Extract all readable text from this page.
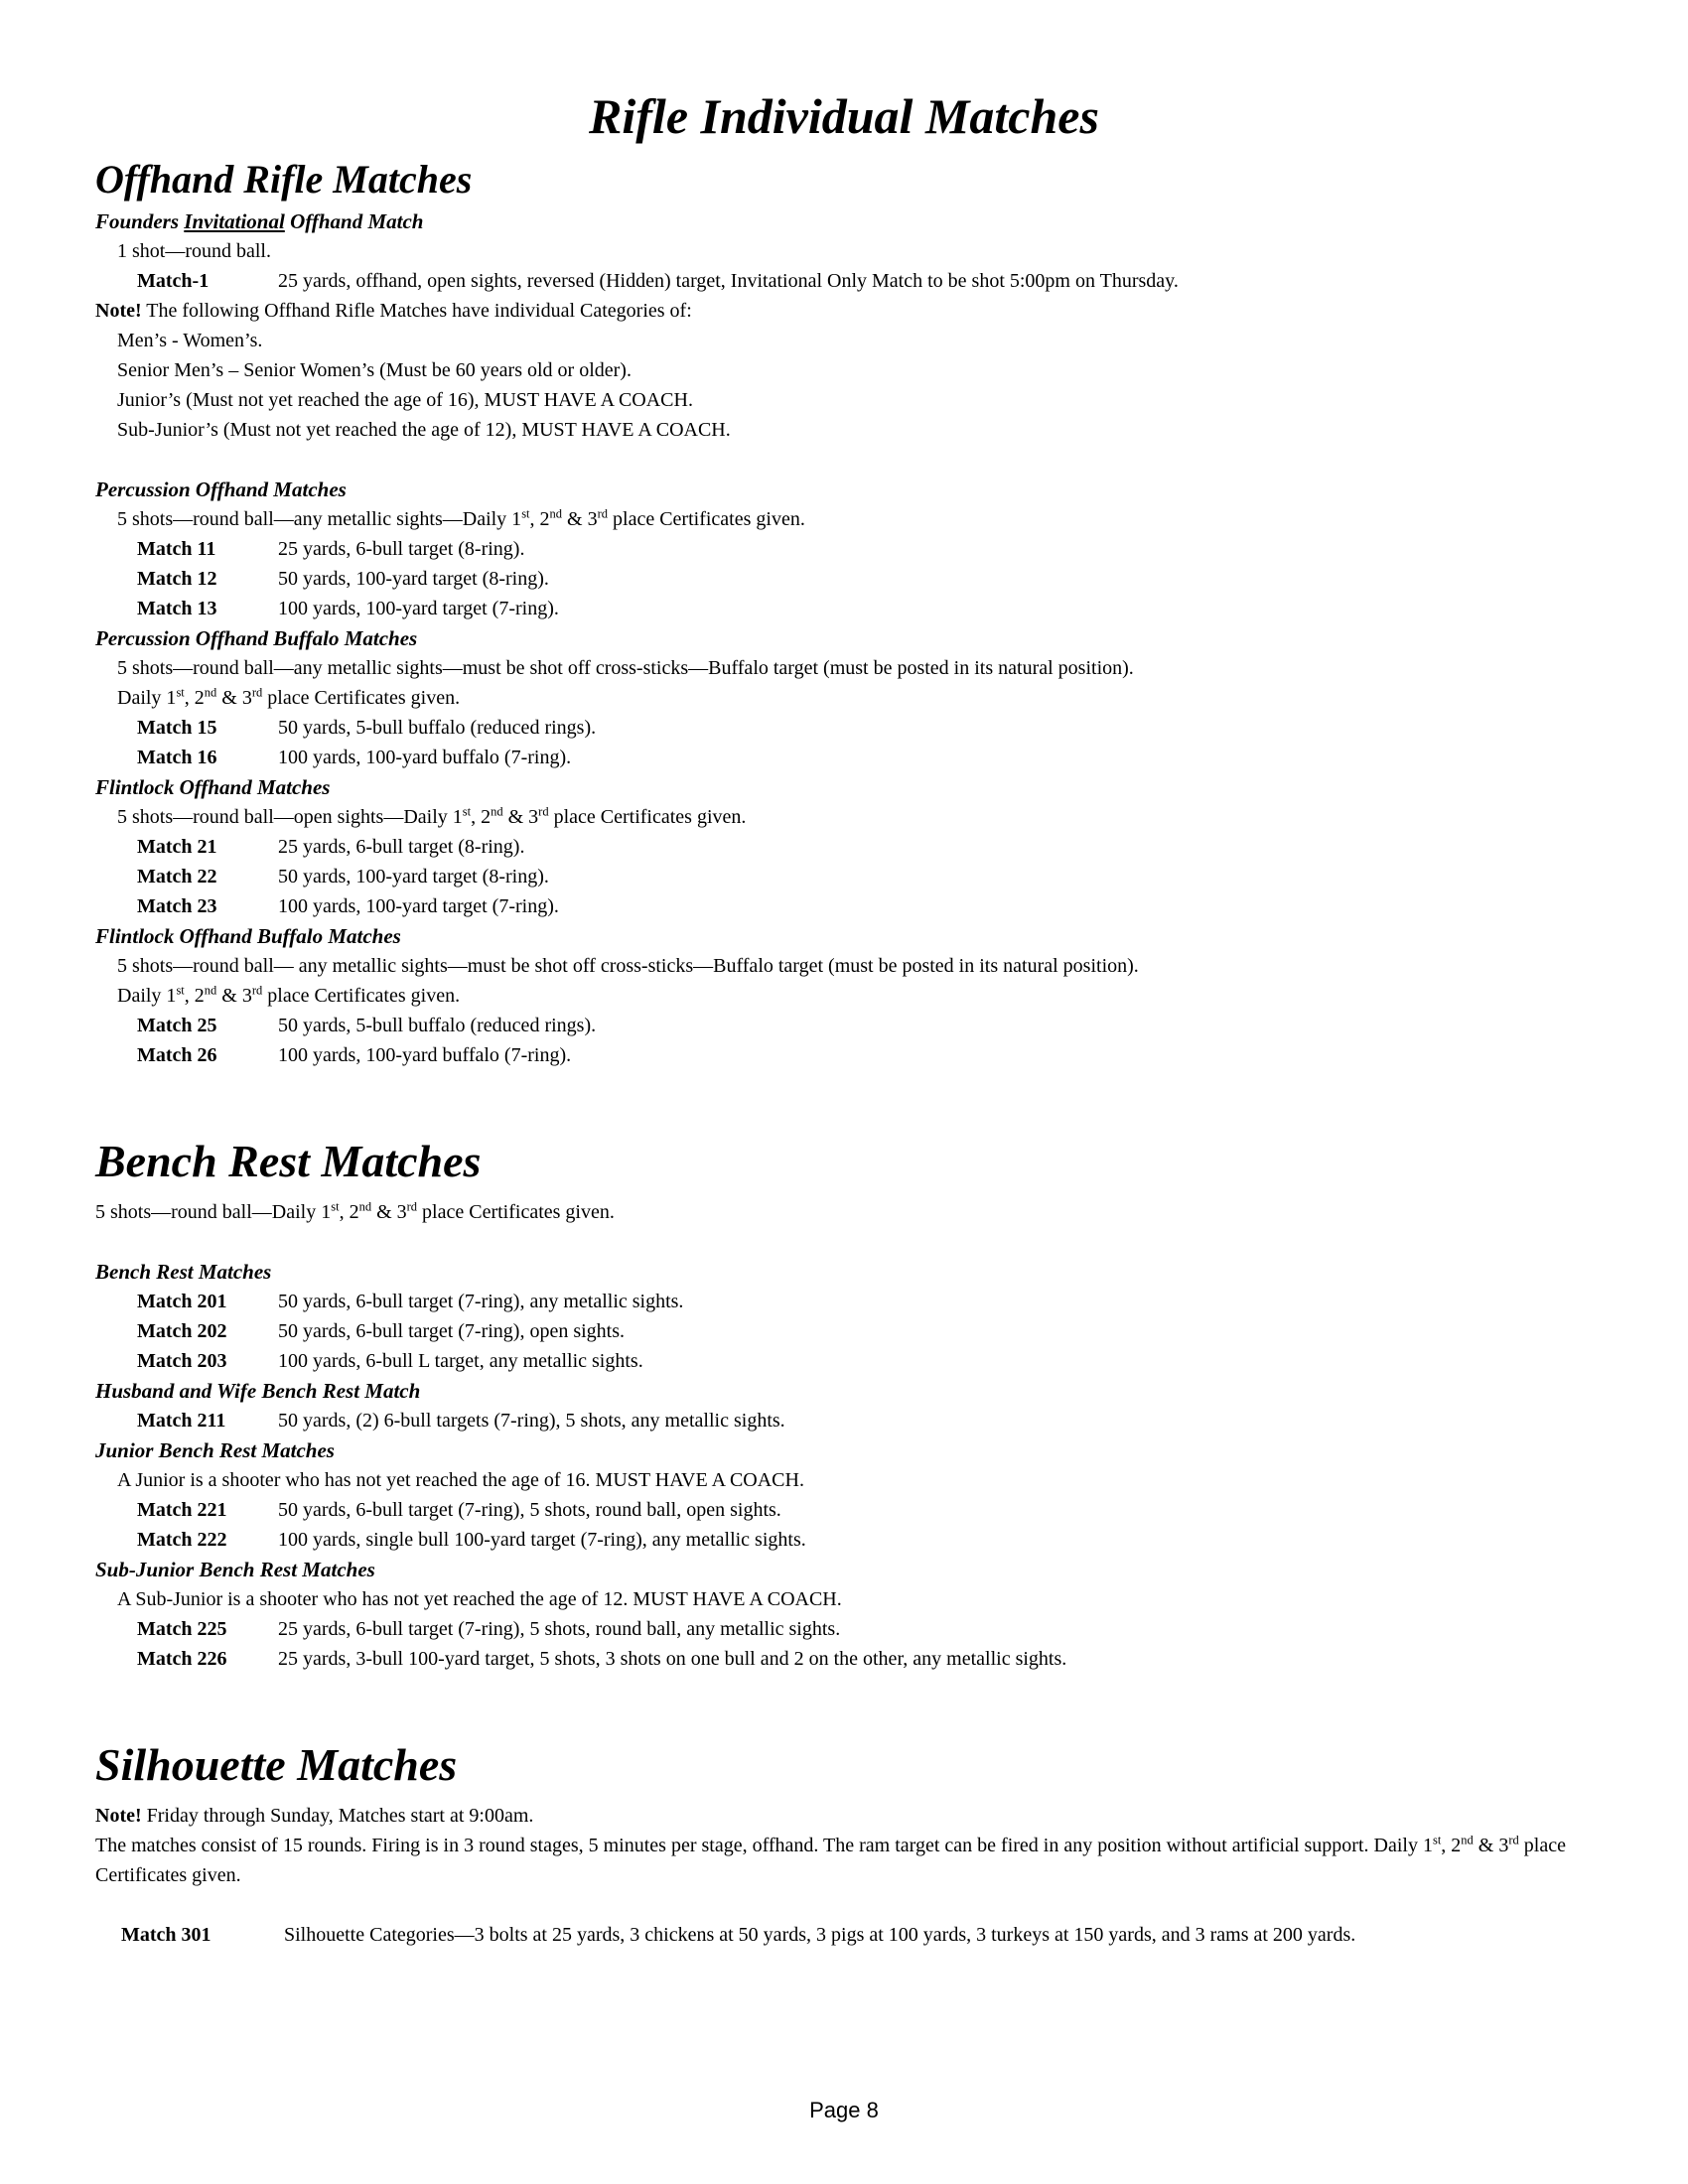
Rifle Individual Matches
Offhand Rifle Matches
Founders Invitational Offhand Match

1 shot—round ball.

Match-1	25 yards, offhand, open sights, reversed (Hidden) target, Invitational Only Match to be shot 5:00pm on Thursday.

Note! The following Offhand Rifle Matches have individual Categories of:

Men’s - Women’s.

Senior Men’s – Senior Women’s (Must be 60 years old or older).

Junior’s (Must not yet reached the age of 16), MUST HAVE A COACH.

Sub-Junior’s (Must not yet reached the age of 12), MUST HAVE A COACH.

Percussion Offhand Matches

5 shots—round ball—any metallic sights—Daily 1st, 2nd & 3rd place Certificates given.

Match 11	25 yards, 6-bull target (8-ring).
Match 12	50 yards, 100-yard target (8-ring).
Match 13	100 yards, 100-yard target (7-ring).
Percussion Offhand Buffalo Matches

5 shots—round ball—any metallic sights—must be shot off cross-sticks—Buffalo target (must be posted in its natural position).

Daily 1st, 2nd & 3rd place Certificates given.

Match 15	50 yards, 5-bull buffalo (reduced rings).
Match 16	100 yards, 100-yard buffalo (7-ring).
Flintlock Offhand Matches

5 shots—round ball—open sights—Daily 1st, 2nd & 3rd place Certificates given.

Match 21	25 yards, 6-bull target (8-ring).
Match 22	50 yards, 100-yard target (8-ring).
Match 23	100 yards, 100-yard target (7-ring).
Flintlock Offhand Buffalo Matches

5 shots—round ball— any metallic sights—must be shot off cross-sticks—Buffalo target (must be posted in its natural position).

Daily 1st, 2nd & 3rd place Certificates given.

Match 25	50 yards, 5-bull buffalo (reduced rings).
Match 26	100 yards, 100-yard buffalo (7-ring).
Bench Rest Matches

5 shots—round ball—Daily 1st, 2nd & 3rd place Certificates given.

Bench Rest Matches
Match 201	50 yards, 6-bull target (7-ring), any metallic sights.
Match 202	50 yards, 6-bull target (7-ring), open sights.
Match 203	100 yards, 6-bull L target, any metallic sights.
Husband and Wife Bench Rest Match
Match 211	50 yards, (2) 6-bull targets (7-ring), 5 shots, any metallic sights.
Junior Bench Rest Matches

A Junior is a shooter who has not yet reached the age of 16. MUST HAVE A COACH.

Match 221	50 yards, 6-bull target (7-ring), 5 shots, round ball, open sights.
Match 222	100 yards, single bull 100-yard target (7-ring), any metallic sights.
Sub-Junior Bench Rest Matches

A Sub-Junior is a shooter who has not yet reached the age of 12. MUST HAVE A COACH.

Match 225	25 yards, 6-bull target (7-ring), 5 shots, round ball, any metallic sights.
Match 226	25 yards, 3-bull 100-yard target, 5 shots, 3 shots on one bull and 2 on the other, any metallic sights.
Silhouette Matches

Note! Friday through Sunday, Matches start at 9:00am.

The matches consist of 15 rounds. Firing is in 3 round stages, 5 minutes per stage, offhand. The ram target can be fired in any position without artificial support. Daily 1st, 2nd & 3rd place Certificates given.

Match 301	Silhouette Categories—3 bolts at 25 yards, 3 chickens at 50 yards, 3 pigs at 100 yards, 3 turkeys at 150 yards, and 3 rams at 200 yards.
Page 8
